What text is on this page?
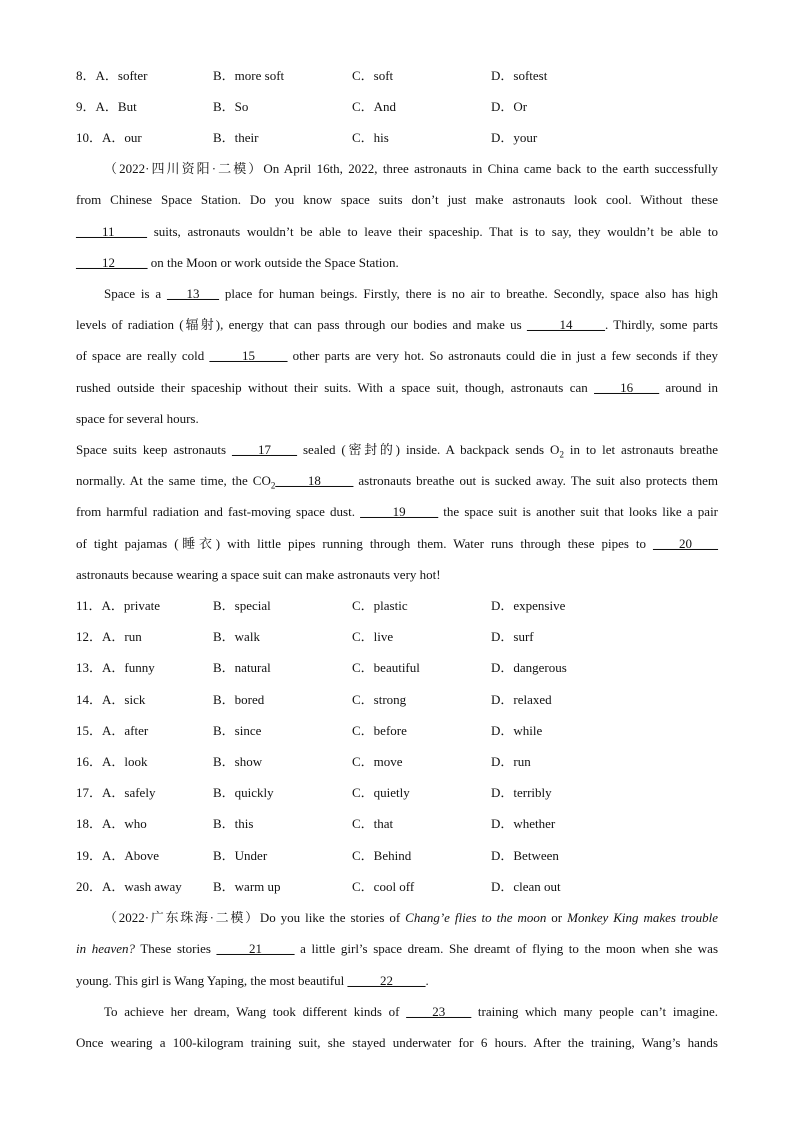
8．A．softer	B．more soft	C．soft	D．softest
9．A．But	B．So	C．And	D．Or
10．A．our	B．their	C．his	D．your
（2022·四川资阳·二模）On April 16th, 2022, three astronauts in China came back to the earth successfully
from Chinese Space Station. Do you know space suits don’t just make astronauts look cool. Without these
____11_____ suits, astronauts wouldn’t be able to leave their spaceship. That is to say, they wouldn’t be able to
____12_____ on the Moon or work outside the Space Station.
Space is a ___13___ place for human beings. Firstly, there is no air to breathe. Secondly, space also has high
levels of radiation (辐射), energy that can pass through our bodies and make us _____14_____. Thirdly, some parts
of space are really cold _____15_____ other parts are very hot. So astronauts could die in just a few seconds if they
rushed outside their spaceship without their suits. With a space suit, though, astronauts can ____16____ around in
space for several hours.
Space suits keep astronauts ____17____ sealed (密封的) inside. A backpack sends $O_2$ in to let astronauts breathe
normally. At the same time, the $CO_2\_\_\_\_\_18\_\_\_\_\_$ astronauts breathe out is sucked away. The suit also protects them
from harmful radiation and fast-moving space dust. _____19_____ the space suit is another suit that looks like a pair
of tight pajamas (睡衣) with little pipes running through them. Water runs through these pipes to ____20____
astronauts because wearing a space suit can make astronauts very hot!
11．A．private	B．special	C．plastic	D．expensive
12．A．run	B．walk	C．live	D．surf
13．A．funny	B．natural	C．beautiful	D．dangerous
14．A．sick	B．bored	C．strong	D．relaxed
15．A．after	B．since	C．before	D．while
16．A．look	B．show	C．move	D．run
17．A．safely	B．quickly	C．quietly	D．terribly
18．A．who	B．this	C．that	D．whether
19．A．Above	B．Under	C．Behind	D．Between
20．A．wash away B．warm up	C．cool off	D．clean out
（2022·广东珠海·二模）Do you like the stories of Chang’e flies to the moon or Monkey King makes trouble
in heaven? These stories _____21_____ a little girl’s space dream. She dreamt of flying to the moon when she was
young. This girl is Wang Yaping, the most beautiful _____22_____.
To achieve her dream, Wang took different kinds of ____23____ training which many people can’t imagine.
Once wearing a 100-kilogram training suit, she stayed underwater for 6 hours. After the training, Wang’s hands
